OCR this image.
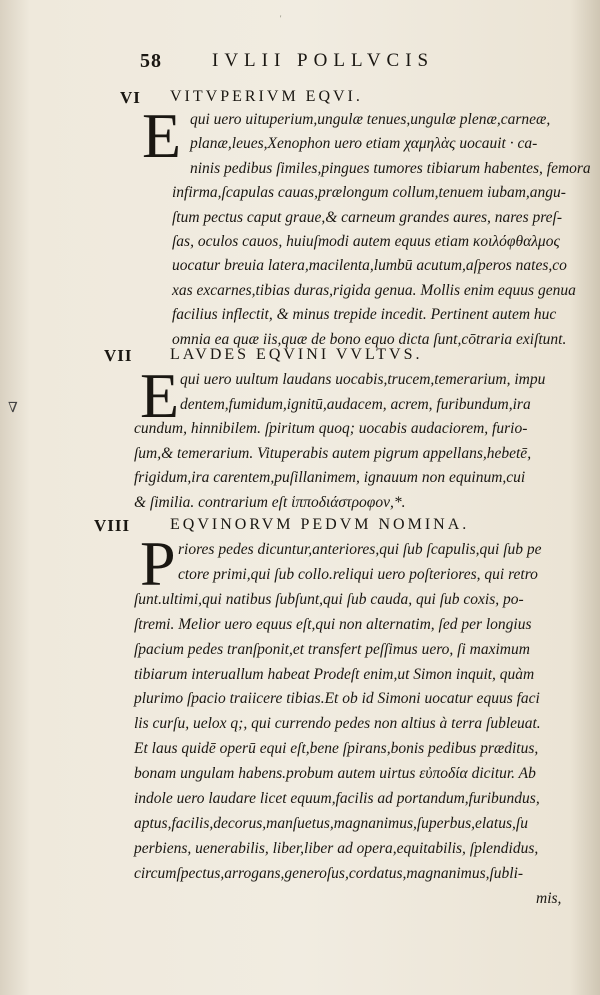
58	IVLII POLLVCIS
'
∇
VI VITVPERIVM EQVI.
E qui uero uituperium,ungulæ tenues,ungulæ plenæ,carneæ,
planæ,leues,Xenophon uero etiam χαμηλὰς uocauit · ca-
ninis pedibus ſimiles,pingues tumores tibiarum habentes, femora
infirma,ſcapulas cauas,prælongum collum,tenuem iubam,angu-
ſtum pectus caput graue,& carneum grandes aures, nares preſ-
ſas, oculos cauos, huiuſmodi autem equus etiam κοιλόφθαλμος
uocatur breuia latera,macilenta,lumbū acutum,aſperos nates,co
xas excarnes,tibias duras,rigida genua. Mollis enim equus genua
facilius inflectit, & minus trepide incedit. Pertinent autem huc
omnia ea quæ iis,quæ de bono equo dicta ſunt,cōtraria exiſtunt.
VII LAVDES EQVINI VVLTVS.
E qui uero uultum laudans uocabis,trucem,temerarium, impu
dentem,fumidum,ignitū,audacem, acrem, furibundum,ira
cundum, hinnibilem. ſpiritum quoq; uocabis audaciorem, furio-
ſum,& temerarium. Vituperabis autem pigrum appellans,hebetē,
frigidum,ira carentem,puſillanimem, ignauum non equinum,cui
& ſimilia. contrarium eſt ἱπποδιάστροφον,*.
VIII EQVINORVM PEDVM NOMINA.
P riores pedes dicuntur,anteriores,qui ſub ſcapulis,qui ſub pe
ctore primi,qui ſub collo.reliqui uero poſteriores, qui retro
ſunt.ultimi,qui natibus ſubſunt,qui ſub cauda, qui ſub coxis, po-
ſtremi. Melior uero equus eſt,qui non alternatim, ſed per longius
ſpacium pedes tranſponit,et transfert peſſimus uero, ſi maximum
tibiarum interuallum habeat Prodeſt enim,ut Simon inquit, quàm
plurimo ſpacio traiicere tibias.Et ob id Simoni uocatur equus faci
lis curſu, uelox q;, qui currendo pedes non altius à terra ſubleuat.
Et laus quidē operū equi eſt,bene ſpirans,bonis pedibus præditus,
bonam ungulam habens.probum autem uirtus εὐποδία dicitur. Ab
indole uero laudare licet equum,facilis ad portandum,furibundus,
aptus,facilis,decorus,manſuetus,magnanimus,ſuperbus,elatus,ſu
perbiens, uenerabilis, liber,liber ad opera,equitabilis, ſplendidus,
circumſpectus,arrogans,generoſus,cordatus,magnanimus,ſubli-
mis,
